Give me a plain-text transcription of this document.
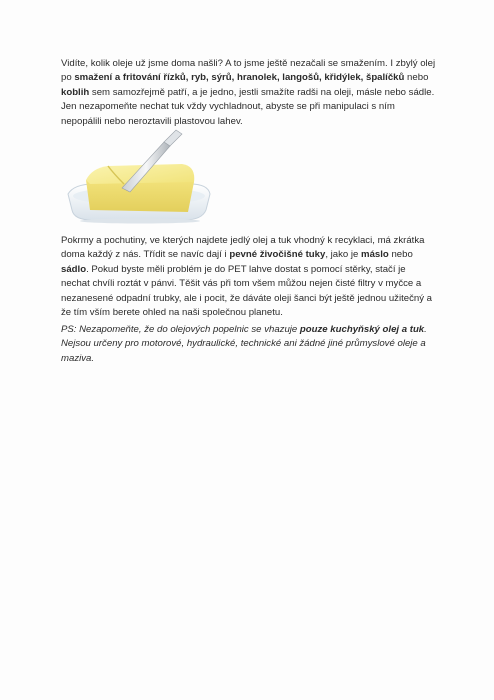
Vidíte, kolik oleje už jsme doma našli? A to jsme ještě nezačali se smažením. I zbylý olej po smažení a fritování řízků, ryb, sýrů, hranolek, langošů, křidýlek, špalíčků nebo koblih sem samozřejmě patří, a je jedno, jestli smažíte radši na oleji, másle nebo sádle. Jen nezapomeňte nechat tuk vždy vychladnout, abyste se při manipulaci s ním nepopálili nebo neroztavili plastovou lahev.

Pokrmy a pochutiny, ve kterých najdete jedlý olej a tuk vhodný k recyklaci, má zkrátka doma každý z nás. Třídit se navíc dají i pevné živočišné tuky, jako je máslo nebo sádlo. Pokud byste měli problém je do PET lahve dostat s pomocí stěrky, stačí je nechat chvíli roztát v pánvi. Těšit vás při tom všem můžou nejen čisté filtry v myčce a nezanesené odpadní trubky, ale i pocit, že dáváte oleji šanci být ještě jednou užitečný a že tím vším berete ohled na naši společnou planetu.

PS: Nezapomeňte, že do olejových popelnic se vhazuje pouze kuchyňský olej a tuk. Nejsou určeny pro motorové, hydraulické, technické ani žádné jiné průmyslové oleje a maziva.
